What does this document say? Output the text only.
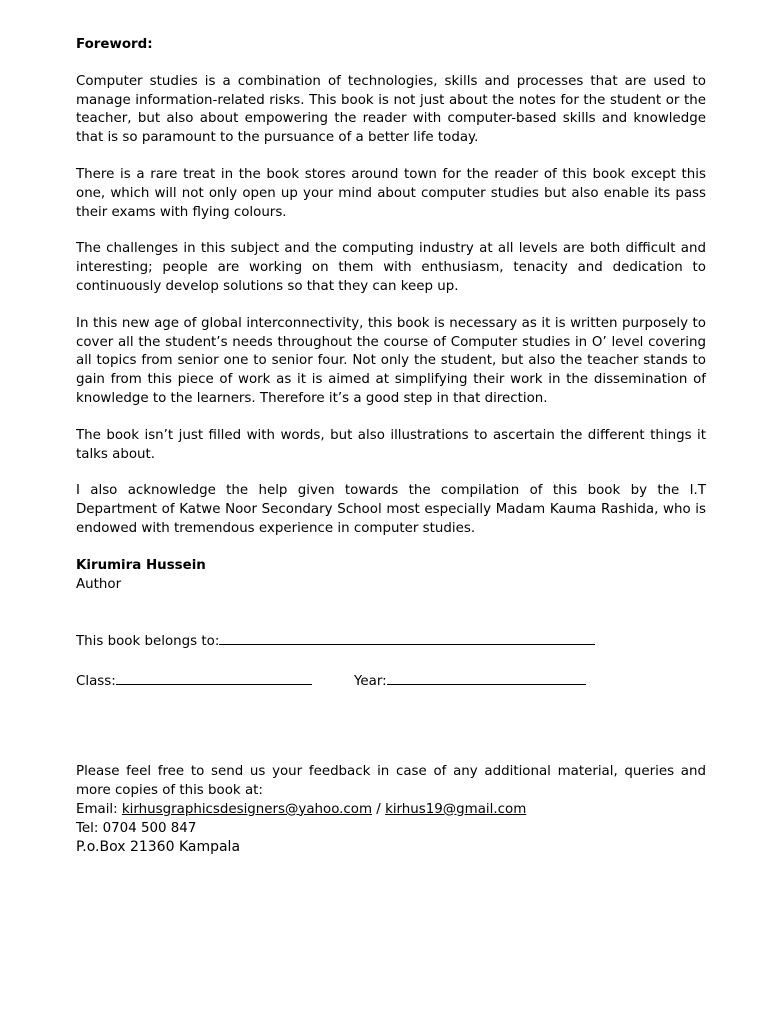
Foreword:

Computer studies is a combination of technologies, skills and processes that are used to manage information-related risks. This book is not just about the notes for the student or the teacher, but also about empowering the reader with computer-based skills and knowledge that is so paramount to the pursuance of a better life today.

There is a rare treat in the book stores around town for the reader of this book except this one, which will not only open up your mind about computer studies but also enable its pass their exams with flying colours.

The challenges in this subject and the computing industry at all levels are both difficult and interesting; people are working on them with enthusiasm, tenacity and dedication to continuously develop solutions so that they can keep up.

In this new age of global interconnectivity, this book is necessary as it is written purposely to cover all the student’s needs throughout the course of Computer studies in O’ level covering all topics from senior one to senior four. Not only the student, but also the teacher stands to gain from this piece of work as it is aimed at simplifying their work in the dissemination of knowledge to the learners. Therefore it’s a good step in that direction.

The book isn’t just filled with words, but also illustrations to ascertain the different things it talks about.

I also acknowledge the help given towards the compilation of this book by the I.T Department of Katwe Noor Secondary School most especially Madam Kauma Rashida, who is endowed with tremendous experience in computer studies.

Kirumira Hussein

Author

This book belongs to:
Class:	Year:

Please feel free to send us your feedback in case of any additional material, queries and more copies of this book at:

Email: kirhusgraphicsdesigners@yahoo.com / kirhus19@gmail.com

Tel: 0704 500 847

P.o.Box 21360 Kampala
